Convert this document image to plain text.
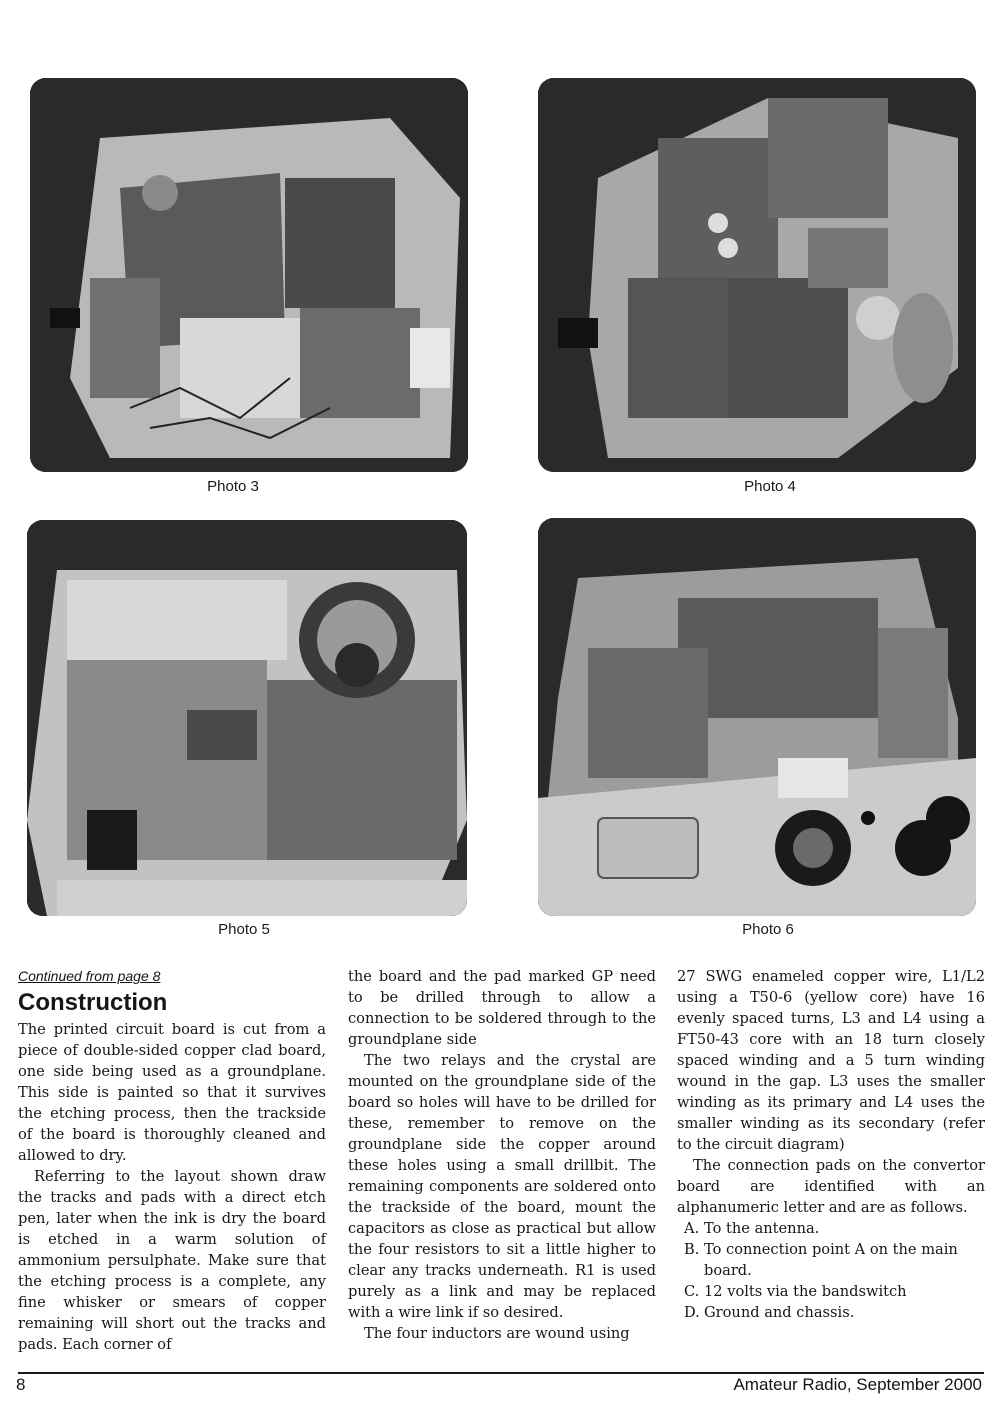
Photo 3	Photo 4
Photo 5	Photo 6

Continued from page 8

Construction

The printed circuit board is cut from a piece of double-sided copper clad board, one side being used as a groundplane. This side is painted so that it survives the etching process, then the trackside of the board is thoroughly cleaned and allowed to dry.

Referring to the layout shown draw the tracks and pads with a direct etch pen, later when the ink is dry the board is etched in a warm solution of ammonium persulphate. Make sure that the etching process is a complete, any fine whisker or smears of copper remaining will short out the tracks and pads. Each corner of

the board and the pad marked GP need to be drilled through to allow a connection to be soldered through to the groundplane side

The two relays and the crystal are mounted on the groundplane side of the board so holes will have to be drilled for these, remember to remove on the groundplane side the copper around these holes using a small drillbit. The remaining components are soldered onto the trackside of the board, mount the capacitors as close as practical but allow the four resistors to sit a little higher to clear any tracks underneath. R1 is used purely as a link and may be replaced with a wire link if so desired.

The four inductors are wound using

27 SWG enameled copper wire, L1/L2 using a T50-6 (yellow core) have 16 evenly spaced turns, L3 and L4 using a FT50-43 core with an 18 turn closely spaced winding and a 5 turn winding wound in the gap. L3 uses the smaller winding as its primary and L4 uses the smaller winding as its secondary (refer to the circuit diagram)

The connection pads on the convertor board are identified with an alphanumeric letter and are as follows.

A. To the antenna.
B. To connection point A on the main board.
C. 12 volts via the bandswitch
D. Ground and chassis.
8	Amateur Radio, September 2000
